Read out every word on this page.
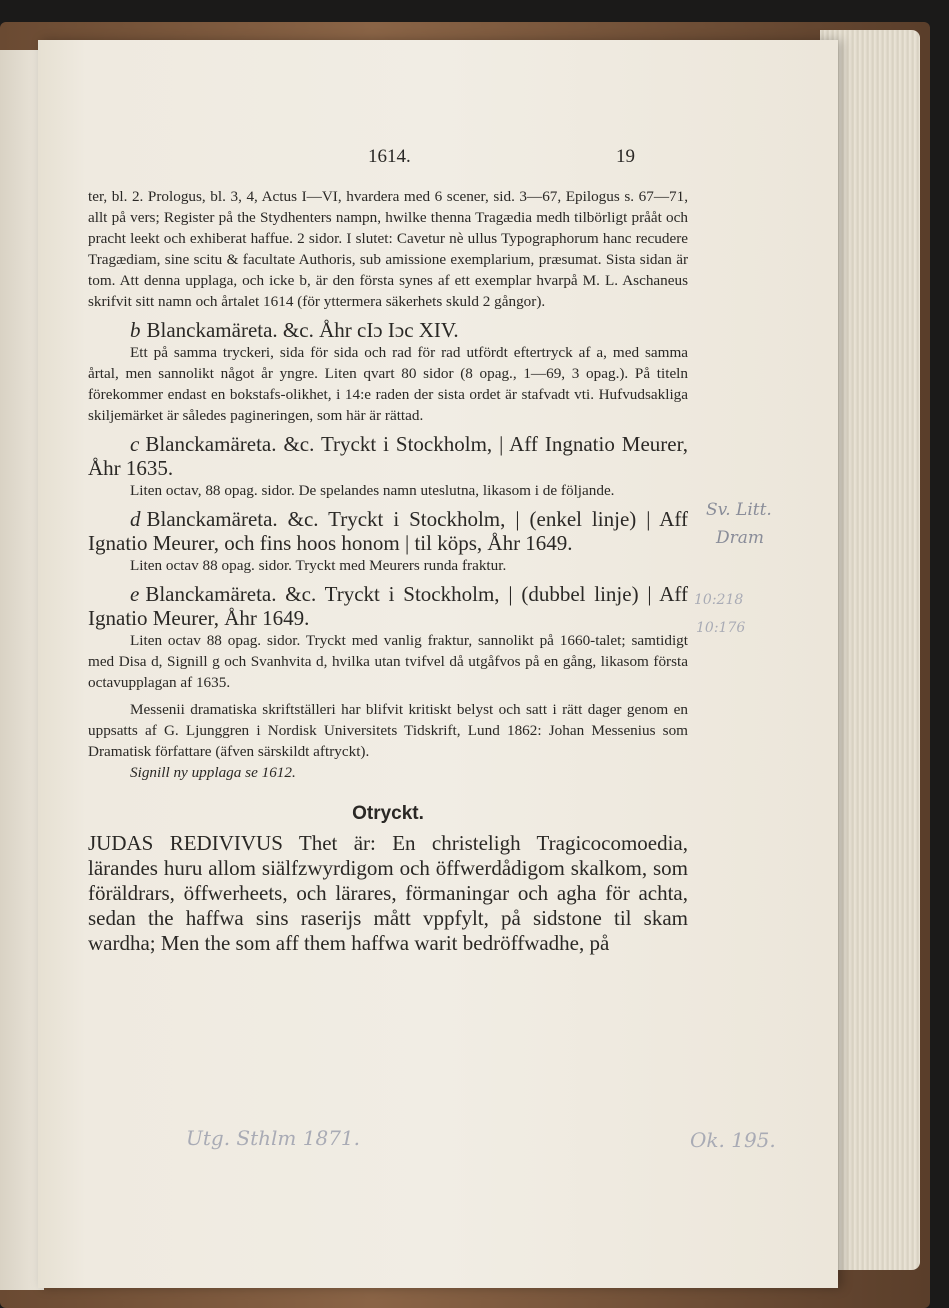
1614.	19

ter, bl. 2. Prologus, bl. 3, 4, Actus I—VI, hvardera med 6 scener, sid. 3—67, Epilogus s. 67—71, allt på vers; Register på the Stydhenters nampn, hwilke thenna Tragædia medh tilbörligt prååt och pracht leekt och exhiberat haffue. 2 sidor. I slutet: Cavetur nè ullus Typographorum hanc recudere Tragædiam, sine scitu & facultate Authoris, sub amissione exemplarium, præsumat. Sista sidan är tom. Att denna upplaga, och icke b, är den första synes af ett exemplar hvarpå M. L. Aschaneus skrifvit sitt namn och årtalet 1614 (för yttermera säkerhets skuld 2 gångor).

b Blanckamäreta. &c. Åhr cIɔ Iɔc XIV.

Ett på samma tryckeri, sida för sida och rad för rad utfördt eftertryck af a, med samma årtal, men sannolikt något år yngre. Liten qvart 80 sidor (8 opag., 1—69, 3 opag.). På titeln förekommer endast en bokstafs-olikhet, i 14:e raden der sista ordet är stafvadt vti. Hufvudsakliga skiljemärket är således pagineringen, som här är rättad.

c Blanckamäreta. &c. Tryckt i Stockholm, | Aff Ingnatio Meurer, Åhr 1635.

Liten octav, 88 opag. sidor. De spelandes namn uteslutna, likasom i de följande.

d Blanckamäreta. &c. Tryckt i Stockholm, | (enkel linje) | Aff Ignatio Meurer, och fins hoos honom | til köps, Åhr 1649.

Liten octav 88 opag. sidor. Tryckt med Meurers runda fraktur.

e Blanckamäreta. &c. Tryckt i Stockholm, | (dubbel linje) | Aff Ignatio Meurer, Åhr 1649.

Liten octav 88 opag. sidor. Tryckt med vanlig fraktur, sannolikt på 1660-talet; samtidigt med Disa d, Signill g och Svanhvita d, hvilka utan tvifvel då utgåfvos på en gång, likasom första octavupplagan af 1635.

Messenii dramatiska skriftställeri har blifvit kritiskt belyst och satt i rätt dager genom en uppsatts af G. Ljunggren i Nordisk Universitets Tidskrift, Lund 1862: Johan Messenius som Dramatisk författare (äfven särskildt aftryckt).

Signill ny upplaga se 1612.

Otryckt.

JUDAS REDIVIVUS Thet är: En christeligh Tragicocomoedia, lärandes huru allom siälfzwyrdigom och öffwerdådigom skalkom, som föräldrars, öffwerheets, och lärares, förmaningar och agha för achta, sedan the haffwa sins raserijs mått vppfylt, på sidstone til skam wardha; Men the som aff them haffwa warit bedröffwadhe, på

Sv. Litt.
Dram
10:218
10:176
Utg. Sthlm 1871.	Ok. 195.
